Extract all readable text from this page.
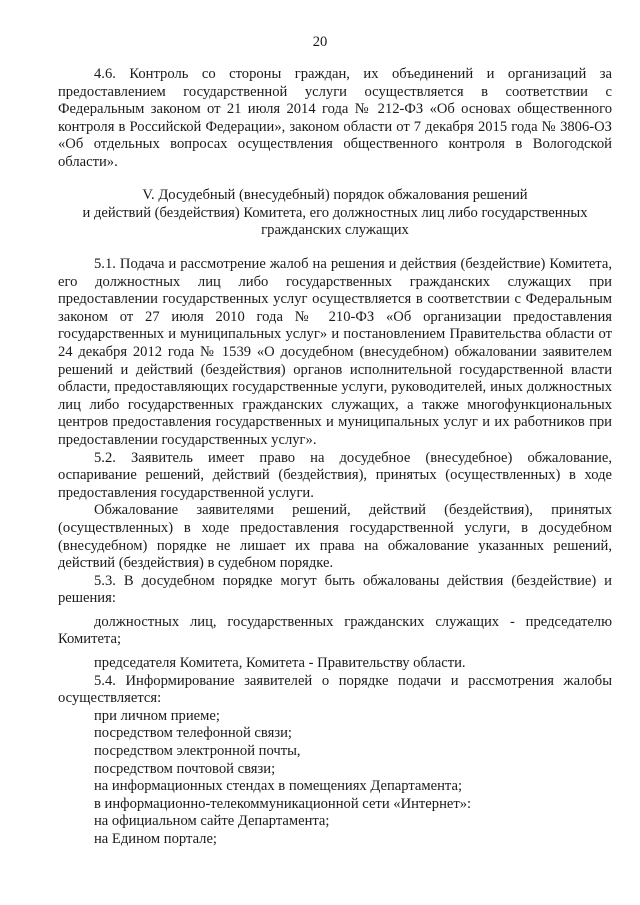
20

4.6. Контроль со стороны граждан, их объединений и организаций за предоставлением государственной услуги осуществляется в соответствии с Федеральным законом от 21 июля 2014 года № 212-ФЗ «Об основах общественного контроля в Российской Федерации», законом области от 7 декабря 2015 года № 3806-ОЗ «Об отдельных вопросах осуществления общественного контроля в Вологодской области».

V. Досудебный (внесудебный) порядок обжалования решений

и действий (бездействия) Комитета, его должностных лиц либо государственных

гражданских служащих

5.1. Подача и рассмотрение жалоб на решения и действия (бездействие) Комитета, его должностных лиц либо государственных гражданских служащих при предоставлении государственных услуг осуществляется в соответствии с Федеральным законом от 27 июля 2010 года № 210-ФЗ «Об организации предоставления государственных и муниципальных услуг» и постановлением Правительства области от 24 декабря 2012 года № 1539 «О досудебном (внесудебном) обжаловании заявителем решений и действий (бездействия) органов исполнительной государственной власти области, предоставляющих государственные услуги, руководителей, иных должностных лиц либо государственных гражданских служащих, а также многофункциональных центров предоставления государственных и муниципальных услуг и их работников при предоставлении государственных услуг».

5.2. Заявитель имеет право на досудебное (внесудебное) обжалование, оспаривание решений, действий (бездействия), принятых (осуществленных) в ходе предоставления государственной услуги.

Обжалование заявителями решений, действий (бездействия), принятых (осуществленных) в ходе предоставления государственной услуги, в досудебном (внесудебном) порядке не лишает их права на обжалование указанных решений, действий (бездействия) в судебном порядке.

5.3. В досудебном порядке могут быть обжалованы действия (бездействие) и решения:

должностных лиц, государственных гражданских служащих - председателю Комитета;

председателя Комитета, Комитета - Правительству области.

5.4. Информирование заявителей о порядке подачи и рассмотрения жалобы осуществляется:

при личном приеме;

посредством телефонной связи;

посредством электронной почты,

посредством почтовой связи;

на информационных стендах в помещениях Департамента;

в информационно-телекоммуникационной сети «Интернет»:

на официальном сайте Департамента;

на Едином портале;
